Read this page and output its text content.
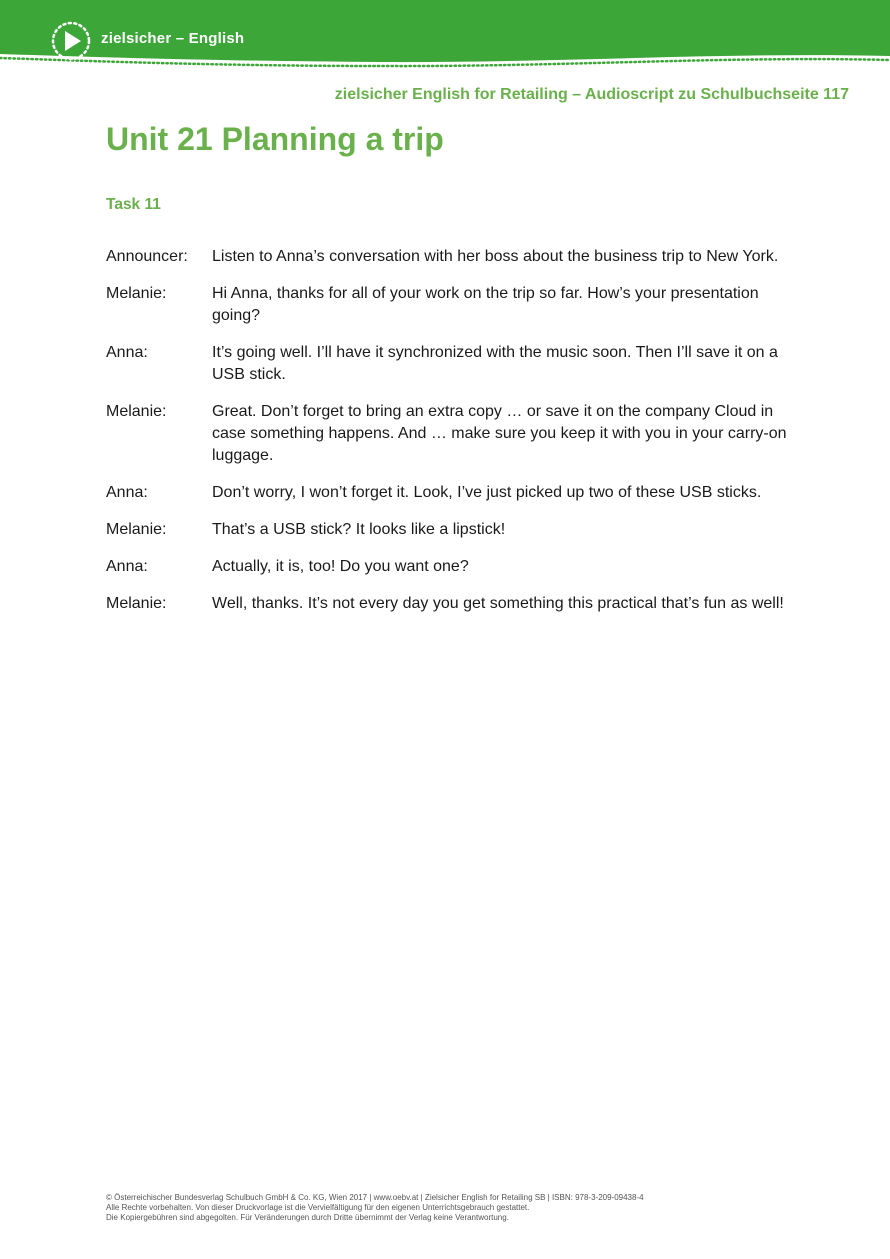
zielsicher – English
zielsicher English for Retailing – Audioscript zu Schulbuchseite 117
Unit 21 Planning a trip
Task 11
Announcer:	Listen to Anna’s conversation with her boss about the business trip to New York.
Melanie:	Hi Anna, thanks for all of your work on the trip so far. How’s your presentation going?
Anna:	It’s going well. I’ll have it synchronized with the music soon. Then I’ll save it on a USB stick.
Melanie:	Great. Don’t forget to bring an extra copy … or save it on the company Cloud in case something happens. And … make sure you keep it with you in your carry-on luggage.
Anna:	Don’t worry, I won’t forget it. Look, I’ve just picked up two of these USB sticks.
Melanie:	That’s a USB stick? It looks like a lipstick!
Anna:	Actually, it is, too! Do you want one?
Melanie:	Well, thanks. It’s not every day you get something this practical that’s fun as well!
© Österreichischer Bundesverlag Schulbuch GmbH & Co. KG, Wien 2017 | www.oebv.at | Zielsicher English for Retailing SB | ISBN: 978-3-209-09438-4
Alle Rechte vorbehalten. Von dieser Druckvorlage ist die Vervielfältigung für den eigenen Unterrichtsgebrauch gestattet.
Die Kopiergebühren sind abgegolten. Für Veränderungen durch Dritte übernimmt der Verlag keine Verantwortung.
